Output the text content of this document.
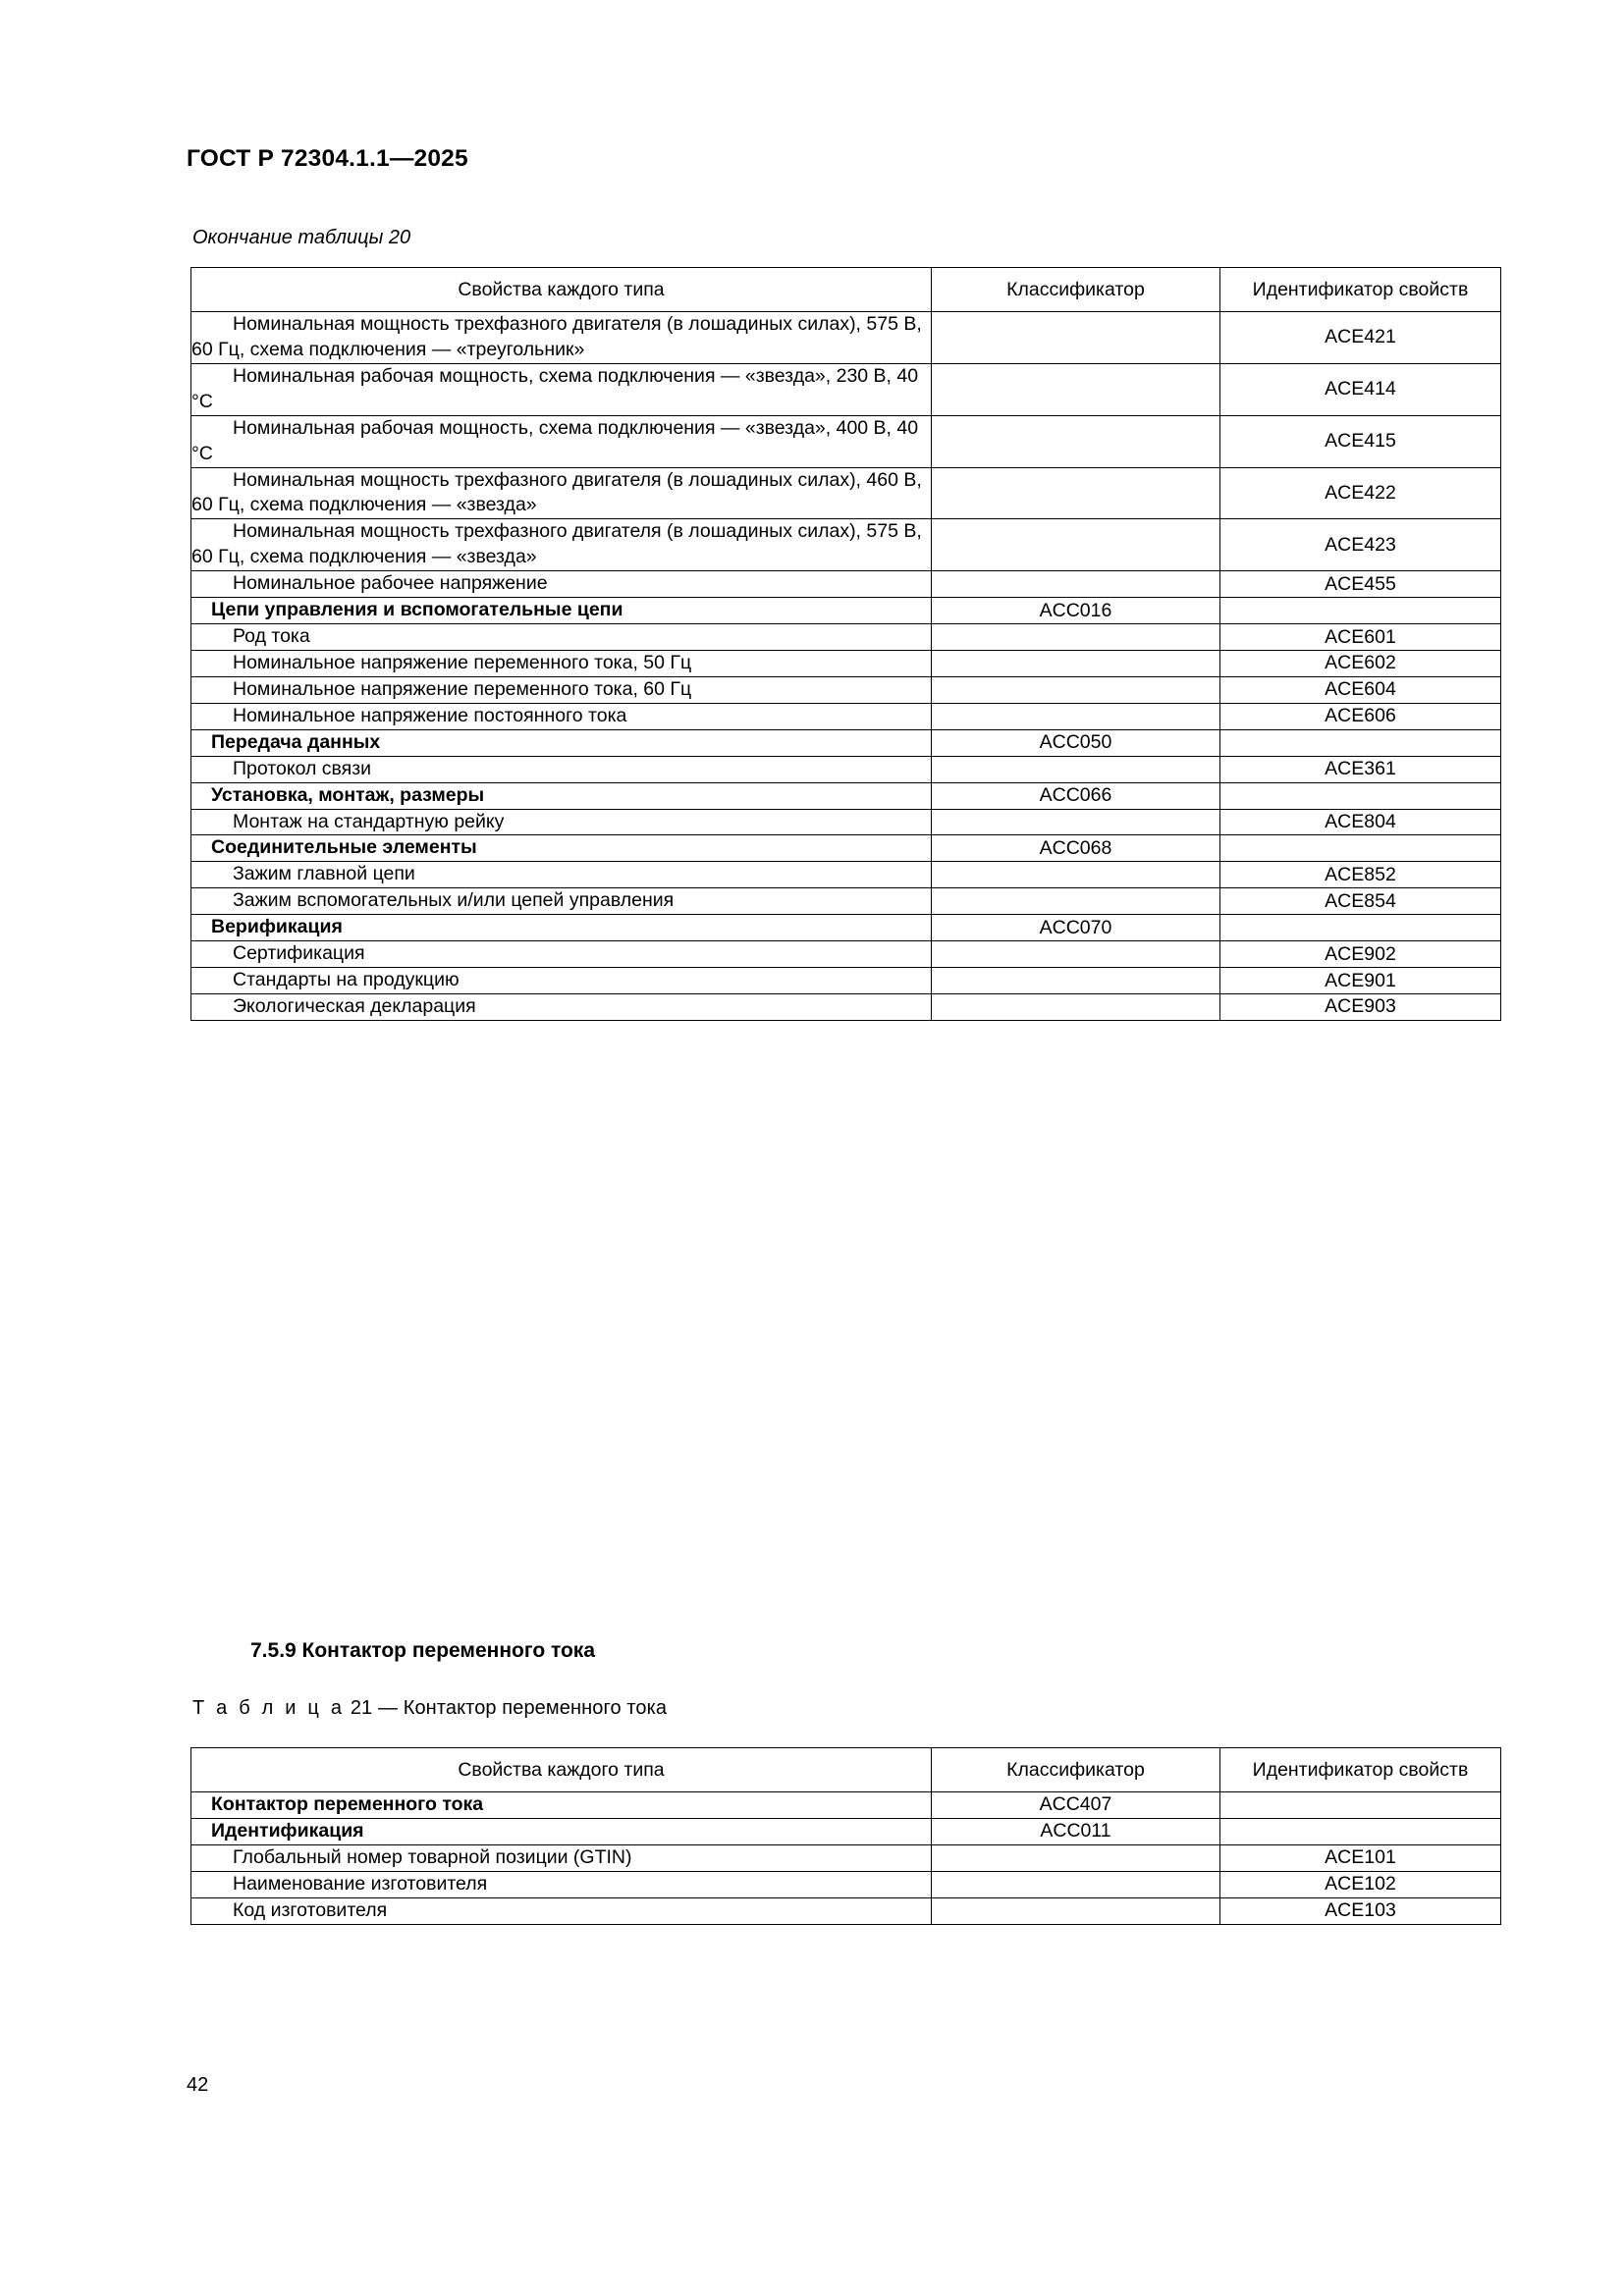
ГОСТ Р 72304.1.1—2025
Окончание таблицы 20
Свойства каждого типа	Классификатор	Идентификатор свойств
Номинальная мощность трехфазного двигателя (в лошадиных силах), 575 В, 60 Гц, схема подключения — «треугольник»		ACE421
Номинальная рабочая мощность, схема подключения — «звезда», 230 В, 40 °С		ACE414
Номинальная рабочая мощность, схема подключения — «звезда», 400 В, 40 °С		ACE415
Номинальная мощность трехфазного двигателя (в лошадиных силах), 460 В, 60 Гц, схема подключения — «звезда»		ACE422
Номинальная мощность трехфазного двигателя (в лошадиных силах), 575 В, 60 Гц, схема подключения — «звезда»		ACE423
Номинальное рабочее напряжение		ACE455
Цепи управления и вспомогательные цепи	ACC016	
Род тока		ACE601
Номинальное напряжение переменного тока, 50 Гц		ACE602
Номинальное напряжение переменного тока, 60 Гц		ACE604
Номинальное напряжение постоянного тока		ACE606
Передача данных	ACC050	
Протокол связи		ACE361
Установка, монтаж, размеры	ACC066	
Монтаж на стандартную рейку		ACE804
Соединительные элементы	ACC068	
Зажим главной цепи		ACE852
Зажим вспомогательных и/или цепей управления		ACE854
Верификация	ACC070	
Сертификация		ACE902
Стандарты на продукцию		ACE901
Экологическая декларация		ACE903
7.5.9 Контактор переменного тока
Т а б л и ц а 21 — Контактор переменного тока
Свойства каждого типа	Классификатор	Идентификатор свойств
Контактор переменного тока	ACC407	
Идентификация	ACC011	
Глобальный номер товарной позиции (GTIN)		ACE101
Наименование изготовителя		ACE102
Код изготовителя		ACE103
42
